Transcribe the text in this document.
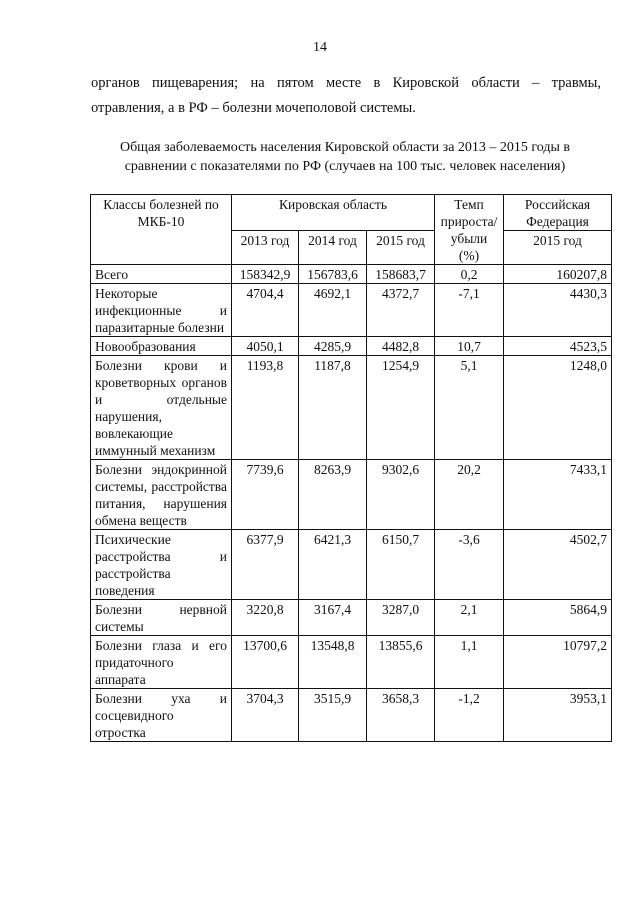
14
органов пищеварения; на пятом месте в Кировской области – травмы,
отравления, а в РФ – болезни мочеполовой системы.
Общая заболеваемость населения Кировской области за 2013 – 2015 годы в
сравнении с показателями по РФ (случаев на 100 тыс. человек населения)
Классы болезней по МКБ-10	Кировская область			Темп прироста/ убыли (%)	Российская Федерация
	2013 год	2014 год	2015 год		2015 год
Всего	158342,9	156783,6	158683,7	0,2	160207,8
Некоторые инфекционные и паразитарные болезни	4704,4	4692,1	4372,7	-7,1	4430,3
Новообразования	4050,1	4285,9	4482,8	10,7	4523,5
Болезни крови и кроветворных органов и отдельные нарушения, вовлекающие иммунный механизм	1193,8	1187,8	1254,9	5,1	1248,0
Болезни эндокринной системы, расстройства питания, нарушения обмена веществ	7739,6	8263,9	9302,6	20,2	7433,1
Психические расстройства и расстройства поведения	6377,9	6421,3	6150,7	-3,6	4502,7
Болезни нервной системы	3220,8	3167,4	3287,0	2,1	5864,9
Болезни глаза и его придаточного аппарата	13700,6	13548,8	13855,6	1,1	10797,2
Болезни уха и сосцевидного отростка	3704,3	3515,9	3658,3	-1,2	3953,1
